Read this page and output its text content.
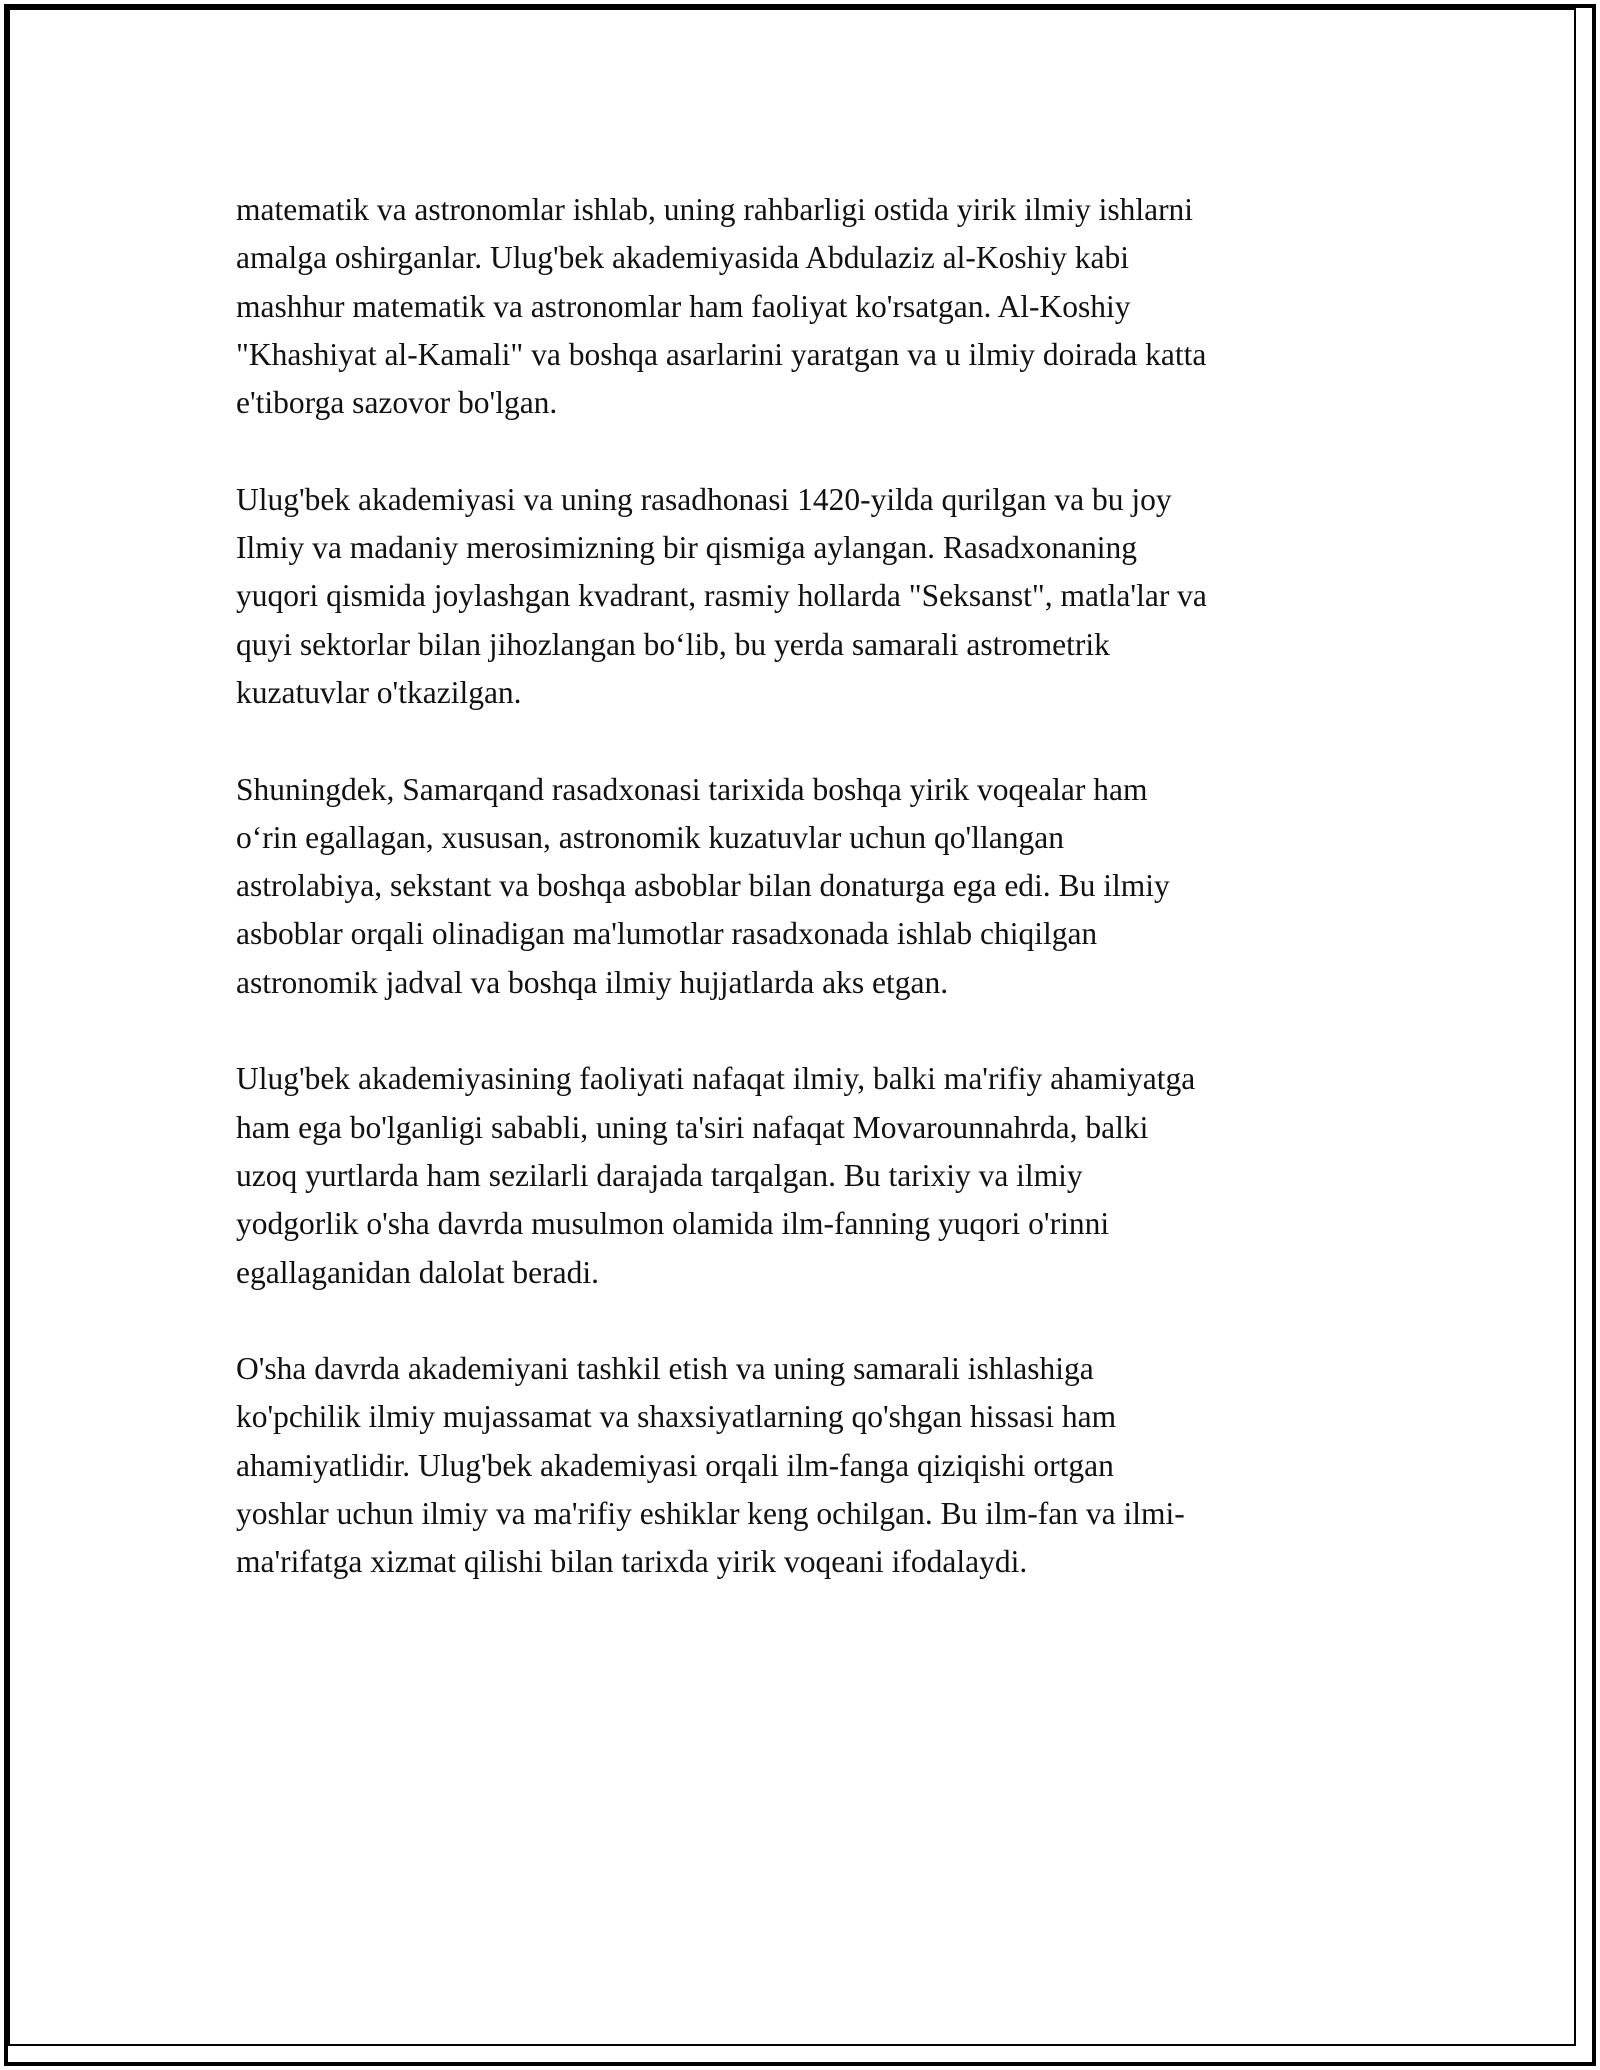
matematik va astronomlar ishlab, uning rahbarligi ostida yirik ilmiy ishlarni
amalga oshirganlar. Ulug'bek akademiyasida Abdulaziz al-Koshiy kabi
mashhur matematik va astronomlar ham faoliyat ko'rsatgan. Al-Koshiy
"Khashiyat al-Kamali" va boshqa asarlarini yaratgan va u ilmiy doirada katta
e'tiborga sazovor bo'lgan.

Ulug'bek akademiyasi va uning rasadhonasi 1420-yilda qurilgan va bu joy
Ilmiy va madaniy merosimizning bir qismiga aylangan. Rasadxonaning
yuqori qismida joylashgan kvadrant, rasmiy hollarda "Seksanst", matla'lar va
quyi sektorlar bilan jihozlangan bo‘lib, bu yerda samarali astrometrik
kuzatuvlar o'tkazilgan.

Shuningdek, Samarqand rasadxonasi tarixida boshqa yirik voqealar ham
o‘rin egallagan, xususan, astronomik kuzatuvlar uchun qo'llangan
astrolabiya, sekstant va boshqa asboblar bilan donaturga ega edi. Bu ilmiy
asboblar orqali olinadigan ma'lumotlar rasadxonada ishlab chiqilgan
astronomik jadval va boshqa ilmiy hujjatlarda aks etgan.

Ulug'bek akademiyasining faoliyati nafaqat ilmiy, balki ma'rifiy ahamiyatga
ham ega bo'lganligi sababli, uning ta'siri nafaqat Movarounnahrda, balki
uzoq yurtlarda ham sezilarli darajada tarqalgan. Bu tarixiy va ilmiy
yodgorlik o'sha davrda musulmon olamida ilm-fanning yuqori o'rinni
egallaganidan dalolat beradi.

O'sha davrda akademiyani tashkil etish va uning samarali ishlashiga
ko'pchilik ilmiy mujassamat va shaxsiyatlarning qo'shgan hissasi ham
ahamiyatlidir. Ulug'bek akademiyasi orqali ilm-fanga qiziqishi ortgan
yoshlar uchun ilmiy va ma'rifiy eshiklar keng ochilgan. Bu ilm-fan va ilmi-
ma'rifatga xizmat qilishi bilan tarixda yirik voqeani ifodalaydi.
